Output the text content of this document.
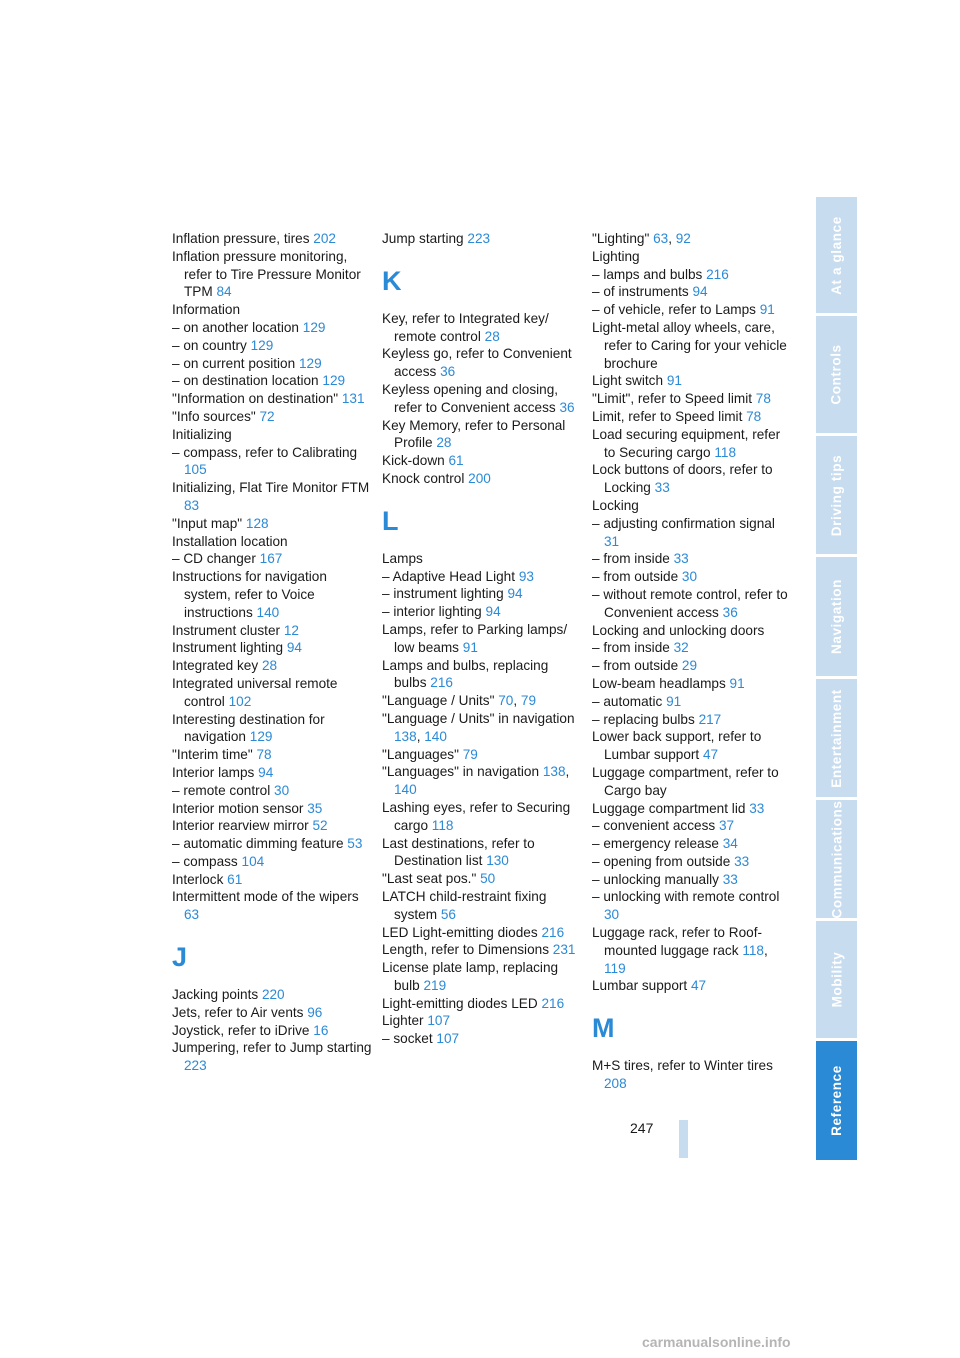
Inflation pressure, tires 202
Inflation pressure monitoring, refer to Tire Pressure Monitor TPM 84
Information
– on another location 129
– on country 129
– on current position 129
– on destination location 129
"Information on destination" 131
"Info sources" 72
Initializing
– compass, refer to Calibrating 105
Initializing, Flat Tire Monitor FTM 83
"Input map" 128
Installation location
– CD changer 167
Instructions for navigation system, refer to Voice instructions 140
Instrument cluster 12
Instrument lighting 94
Integrated key 28
Integrated universal remote control 102
Interesting destination for navigation 129
"Interim time" 78
Interior lamps 94
– remote control 30
Interior motion sensor 35
Interior rearview mirror 52
– automatic dimming feature 53
– compass 104
Interlock 61
Intermittent mode of the wipers 63
J
Jacking points 220
Jets, refer to Air vents 96
Joystick, refer to iDrive 16
Jumpering, refer to Jump starting 223
Jump starting 223
K
Key, refer to Integrated key/ remote control 28
Keyless go, refer to Convenient access 36
Keyless opening and closing, refer to Convenient access 36
Key Memory, refer to Personal Profile 28
Kick-down 61
Knock control 200
L
Lamps
– Adaptive Head Light 93
– instrument lighting 94
– interior lighting 94
Lamps, refer to Parking lamps/ low beams 91
Lamps and bulbs, replacing bulbs 216
"Language / Units" 70, 79
"Language / Units" in navigation 138, 140
"Languages" 79
"Languages" in navigation 138, 140
Lashing eyes, refer to Securing cargo 118
Last destinations, refer to Destination list 130
"Last seat pos." 50
LATCH child-restraint fixing system 56
LED Light-emitting diodes 216
Length, refer to Dimensions 231
License plate lamp, replacing bulb 219
Light-emitting diodes LED 216
Lighter 107
– socket 107
"Lighting" 63, 92
Lighting
– lamps and bulbs 216
– of instruments 94
– of vehicle, refer to Lamps 91
Light-metal alloy wheels, care, refer to Caring for your vehicle brochure
Light switch 91
"Limit", refer to Speed limit 78
Limit, refer to Speed limit 78
Load securing equipment, refer to Securing cargo 118
Lock buttons of doors, refer to Locking 33
Locking
– adjusting confirmation signal 31
– from inside 33
– from outside 30
– without remote control, refer to Convenient access 36
Locking and unlocking doors
– from inside 32
– from outside 29
Low-beam headlamps 91
– automatic 91
– replacing bulbs 217
Lower back support, refer to Lumbar support 47
Luggage compartment, refer to Cargo bay
Luggage compartment lid 33
– convenient access 37
– emergency release 34
– opening from outside 33
– unlocking manually 33
– unlocking with remote control 30
Luggage rack, refer to Roof- mounted luggage rack 118, 119
Lumbar support 47
M
M+S tires, refer to Winter tires 208
At a glance
Controls
Driving tips
Navigation
Entertainment
Communications
Mobility
Reference
247
carmanualsonline.info
